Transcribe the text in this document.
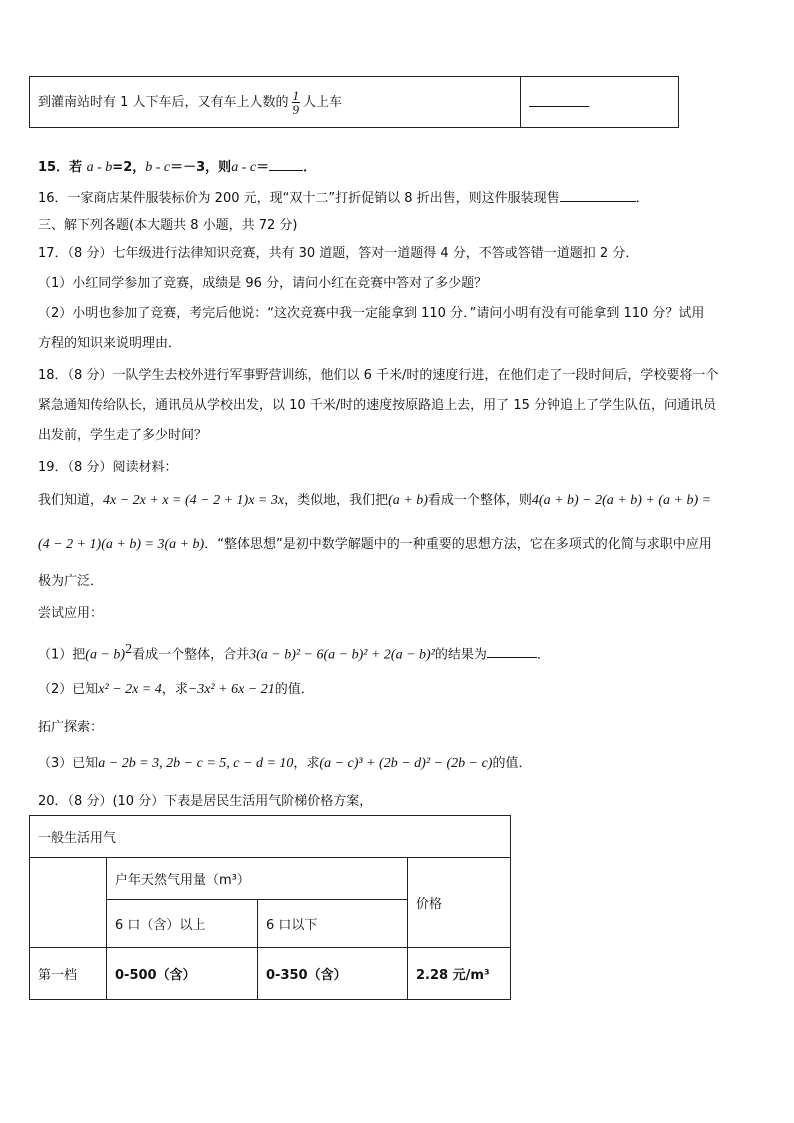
到灌南站时有 1 人下车后，又有车上人数的 $\frac{1}{9}$ 人上车	
15．若 a - b=2，b - c＝－3，则a - c＝	．
16．一家商店某件服装标价为 200 元，现“双十二”打折促销以 8 折出售，则这件服装现售	．
三、解下列各题(本大题共 8 小题，共 72 分)
17．（8 分）七年级进行法律知识竞赛，共有 30 道题，答对一道题得 4 分，不答或答错一道题扣 2 分．
（1）小红同学参加了竞赛，成绩是 96 分，请问小红在竞赛中答对了多少题？
（2）小明也参加了竞赛，考完后他说：“这次竞赛中我一定能拿到 110 分．”请问小明有没有可能拿到 110 分？试用
方程的知识来说明理由．
18．（8 分）一队学生去校外进行军事野营训练，他们以 6 千米/时的速度行进，在他们走了一段时间后，学校要将一个
紧急通知传给队长，通讯员从学校出发，以 10 千米/时的速度按原路追上去，用了 15 分钟追上了学生队伍，问通讯员
出发前，学生走了多少时间？
19．（8 分）阅读材料：
我们知道，4x − 2x + x = (4 − 2 + 1)x = 3x，类似地，我们把(a + b)看成一个整体，则4(a + b) − 2(a + b) + (a + b) =
(4 − 2 + 1)(a + b) = 3(a + b)．“整体思想”是初中数学解题中的一种重要的思想方法，它在多项式的化简与求职中应用
极为广泛．
尝试应用：
（1）把$(a - b)^2$看成一个整体，合并3(a − b)² − 6(a − b)² + 2(a − b)²的结果为	．
（2）已知x² − 2x = 4，求−3x² + 6x − 21的值．
拓广探索：
（3）已知a − 2b = 3, 2b − c = 5, c − d = 10，求(a − c)³ + (2b − d)² − (2b − c)的值．
20．（8 分）(10 分）下表是居民生活用气阶梯价格方案，
一般生活用气			
	户年天然气用量（m³）		价格
	6 口（含）以上	6 口以下	
第一档	0-500（含）	0-350（含）	2.28 元/m³
